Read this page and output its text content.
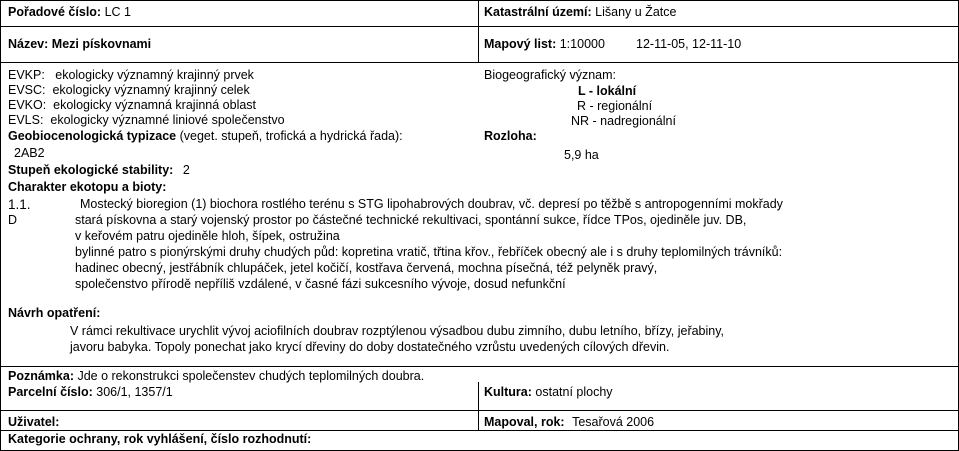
Pořadové číslo: LC 1	Katastrální území: Lišany u Žatce
Název: Mezi pískovnami	Mapový list: 1:10000 12-11-05, 12-11-10
EVKP:   ekologicky významný krajinný prvek
EVSC:  ekologicky významný krajinný celek
EVKO:  ekologicky významná krajinná oblast
EVLS:  ekologicky významné liniové společenstvo
Biogeografický význam:
L - lokální
R - regionální
NR - nadregionální
Geobiocenologická typizace (veget. stupeň, trofická a hydrická řada):
2AB2
Rozloha:
5,9 ha
Stupeň ekologické stability: 2
Charakter ekotopu a bioty:
1.1.	Mostecký bioregion (1) biochora rostlého terénu s STG lipohabrových doubrav, vč. depresí po těžbě s antropogenními mokřady
D	stará pískovna a starý vojenský prostor po částečné technické rekultivaci, spontánní sukce, řídce TPos, ojediněle juv. DB,
v keřovém patru ojediněle hloh, šípek, ostružina
bylinné patro s pionýrskými druhy chudých půd: kopretina vratič, třtina křov., řebříček obecný ale i s druhy teplomilných trávníků:
hadinec obecný, jestřábník chlupáček, jetel kočičí, kostřava červená, mochna písečná, též pelyněk pravý,
společenstvo přírodě nepříliš vzdálené, v časné fázi sukcesního vývoje, dosud nefunkční
Návrh opatření:
V rámci rekultivace urychlit vývoj aciofilních doubrav rozptýlenou výsadbou dubu zimního, dubu letního, břízy, jeřabiny,
javoru babyka. Topoly ponechat jako krycí dřeviny do doby dostatečného vzrůstu uvedených cílových dřevin.
Poznámka: Jde o rekonstrukci společenstev chudých teplomilných doubra.
Parcelní číslo: 306/1, 1357/1	Kultura: ostatní plochy
Uživatel:	Mapoval, rok: Tesařová 2006
Kategorie ochrany, rok vyhlášení, číslo rozhodnutí:
